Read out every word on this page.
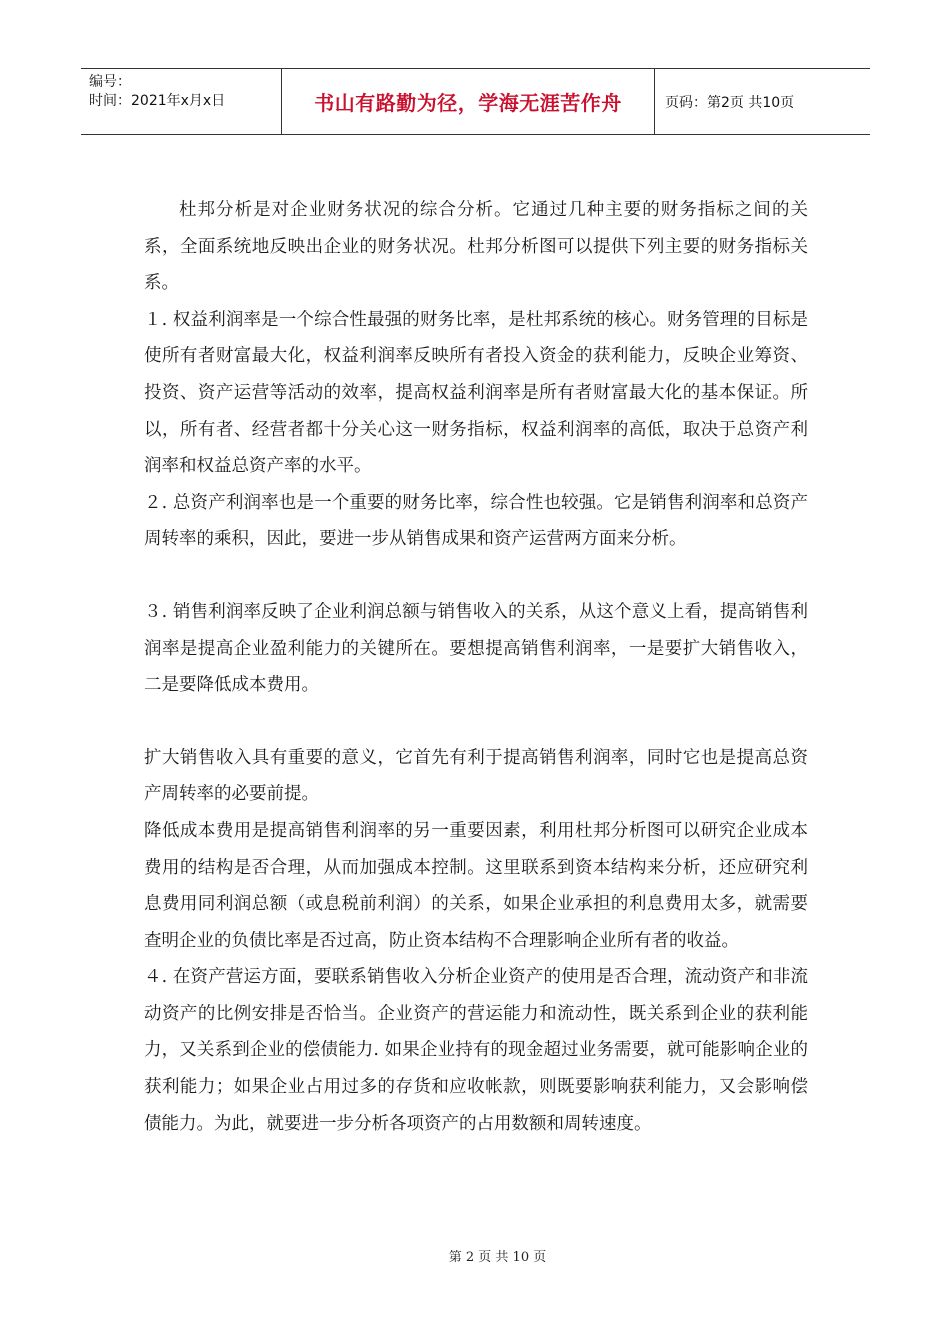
编号：
时间：2021年x月x日	书山有路勤为径，学海无涯苦作舟	页码：第2页 共10页

杜邦分析是对企业财务状况的综合分析。它通过几种主要的财务指标之间的关系，全面系统地反映出企业的财务状况。杜邦分析图可以提供下列主要的财务指标关系。

１. 权益利润率是一个综合性最强的财务比率，是杜邦系统的核心。财务管理的目标是使所有者财富最大化，权益利润率反映所有者投入资金的获利能力，反映企业筹资、投资、资产运营等活动的效率，提高权益利润率是所有者财富最大化的基本保证。所以，所有者、经营者都十分关心这一财务指标，权益利润率的高低，取决于总资产利润率和权益总资产率的水平。

２. 总资产利润率也是一个重要的财务比率，综合性也较强。它是销售利润率和总资产周转率的乘积，因此，要进一步从销售成果和资产运营两方面来分析。

３. 销售利润率反映了企业利润总额与销售收入的关系，从这个意义上看，提高销售利润率是提高企业盈利能力的关键所在。要想提高销售利润率，一是要扩大销售收入，二是要降低成本费用。

扩大销售收入具有重要的意义，它首先有利于提高销售利润率，同时它也是提高总资产周转率的必要前提。

降低成本费用是提高销售利润率的另一重要因素，利用杜邦分析图可以研究企业成本费用的结构是否合理，从而加强成本控制。这里联系到资本结构来分析，还应研究利息费用同利润总额（或息税前利润）的关系，如果企业承担的利息费用太多，就需要查明企业的负债比率是否过高，防止资本结构不合理影响企业所有者的收益。

４. 在资产营运方面，要联系销售收入分析企业资产的使用是否合理，流动资产和非流动资产的比例安排是否恰当。企业资产的营运能力和流动性，既关系到企业的获利能力，又关系到企业的偿债能力. 如果企业持有的现金超过业务需要，就可能影响企业的获利能力；如果企业占用过多的存货和应收帐款，则既要影响获利能力，又会影响偿债能力。为此，就要进一步分析各项资产的占用数额和周转速度。

第 2 页 共 10 页
